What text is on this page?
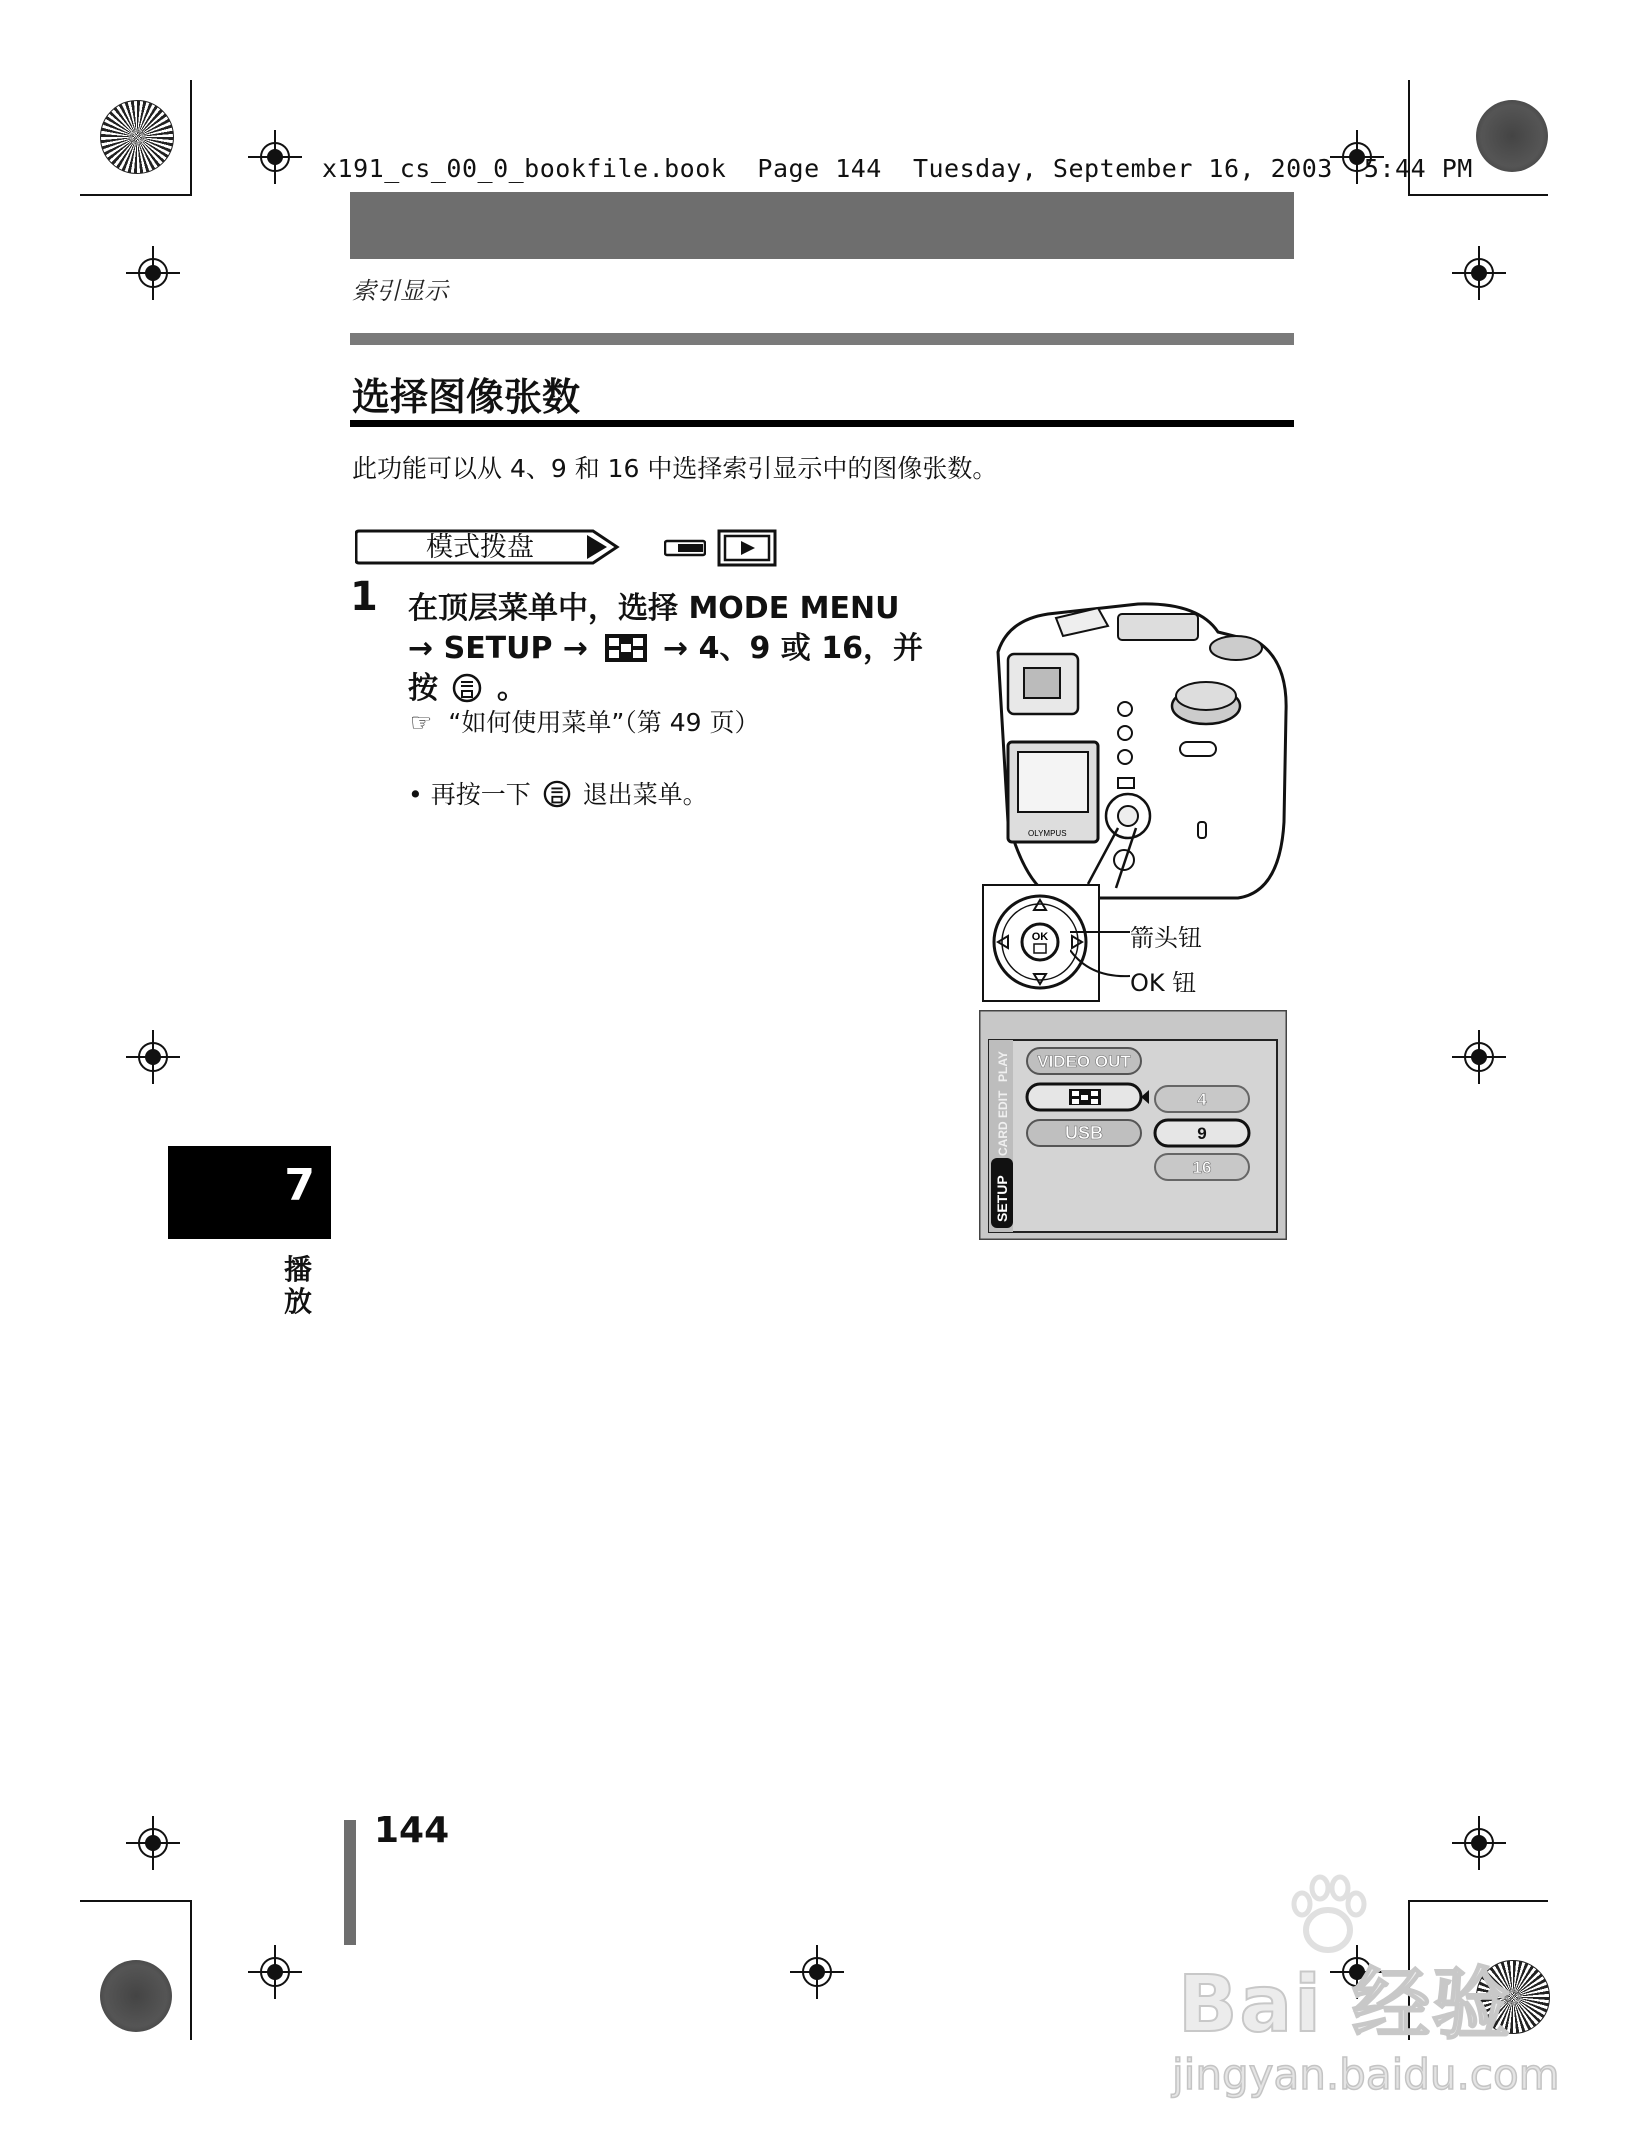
x191_cs_00_0_bookfile.book  Page 144  Tuesday, September 16, 2003  5:44 PM
索引显示
选择图像张数
此功能可以从 4、9 和 16 中选择索引显示中的图像张数。
模式拨盘
1 在顶层菜单中，选择 MODE MENU
→ SETUP → → 4、9 或 16，并
按 。
☞ “如何使用菜单”（第 49 页）
• 再按一下 退出菜单。
OLYMPUS
OK	箭头钮
OK 钮
SETUP
CARD
EDIT
PLAY VIDEO OUT
USB
4
9
16
7
播放
144
Bai 经验
jingyan.baidu.com
